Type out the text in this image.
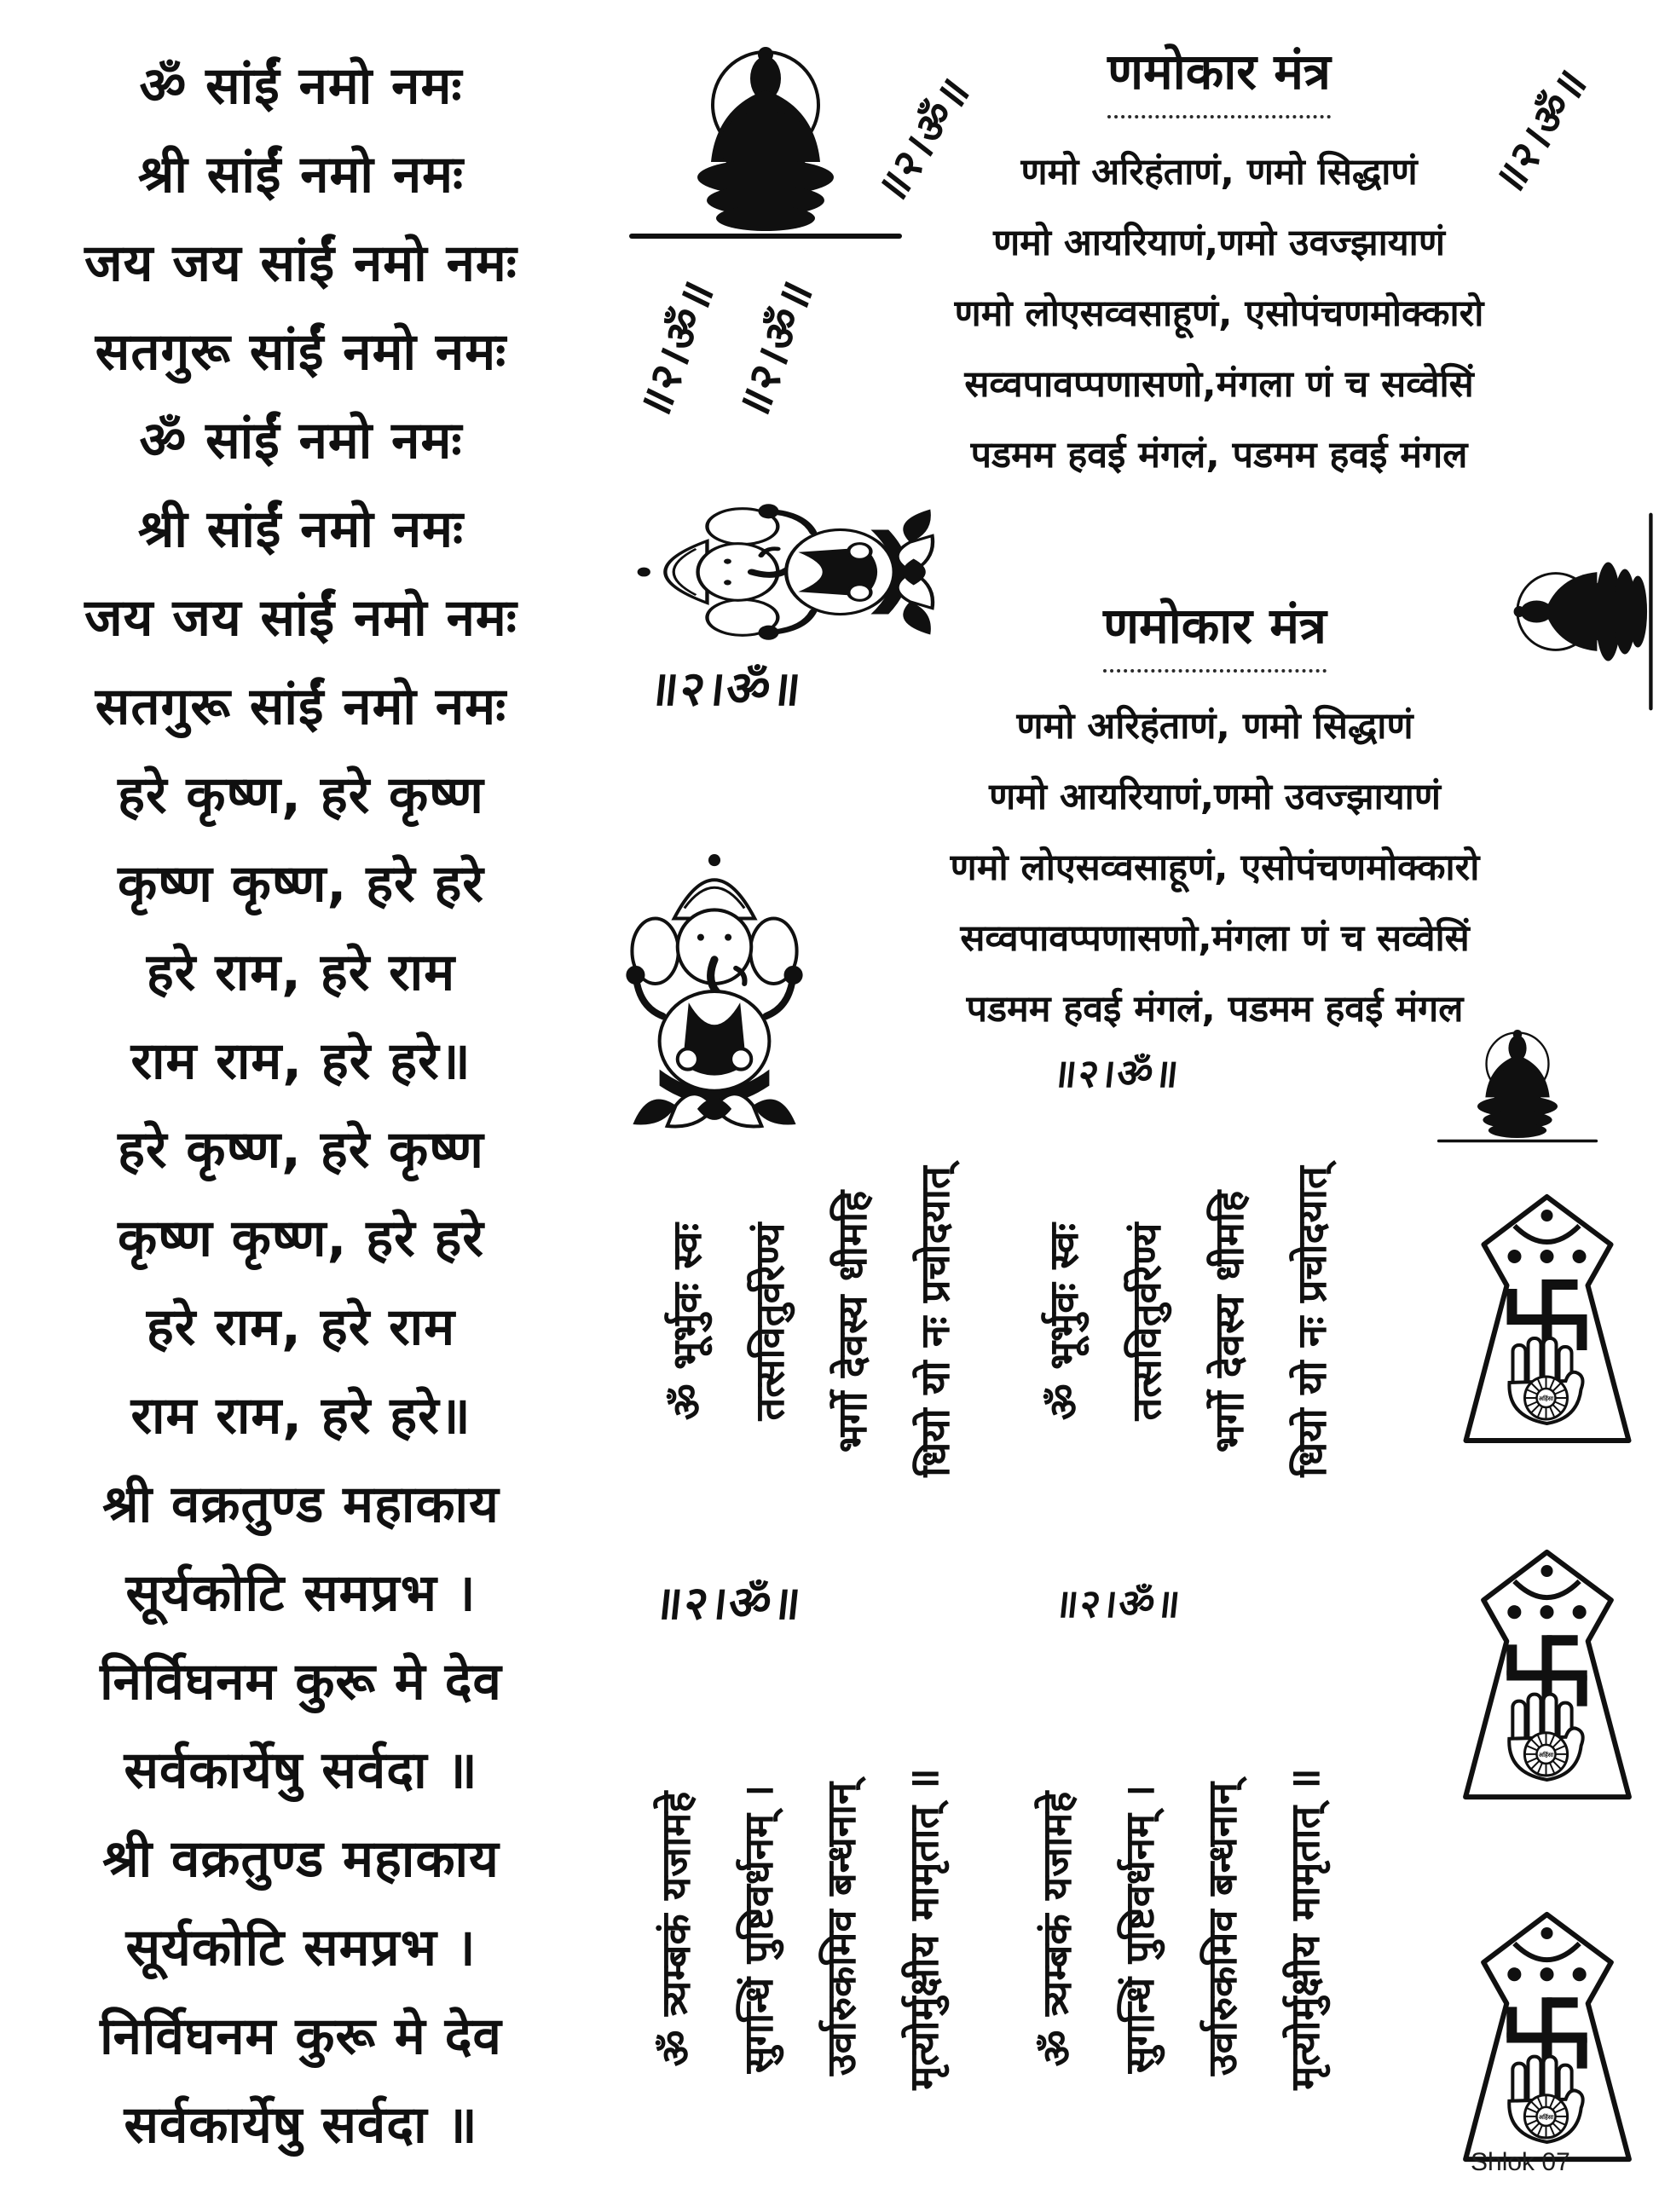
ॐ सांईं नमो नमः
श्री सांईं नमो नमः
जय जय सांईं नमो नमः
सतगुरू सांईं नमो नमः
ॐ सांईं नमो नमः
श्री सांईं नमो नमः
जय जय सांईं नमो नमः
सतगुरू सांईं नमो नमः
हरे कृष्ण, हरे कृष्ण
कृष्ण कृष्ण, हरे हरे
हरे राम, हरे राम
राम राम, हरे हरे॥
हरे कृष्ण, हरे कृष्ण
कृष्ण कृष्ण, हरे हरे
हरे राम, हरे राम
राम राम, हरे हरे॥
श्री वक्रतुण्ड महाकाय
सूर्यकोटि समप्रभ ।
निर्विघनम कुरू मे देव
सर्वकार्येषु सर्वदा ॥
श्री वक्रतुण्ड महाकाय
सूर्यकोटि समप्रभ ।
निर्विघनम कुरू मे देव
सर्वकार्येषु सर्वदा ॥
॥२।ॐ॥	॥२।ॐ॥
णमोकार मंत्र
णमो अरिहंताणं, णमो सिद्धाणं
णमो आयरियाणं,णमो उवज्झायाणं
णमो लोएसव्वसाहूणं, एसोपंचणमोक्कारो
सव्वपावप्पणासणो,मंगला णं च सव्वेसिं
पडमम हवई मंगलं, पडमम हवई मंगल
॥२।ॐ॥ ॥२।ॐ॥
॥२।ॐ॥
णमोकार मंत्र
णमो अरिहंताणं, णमो सिद्धाणं
णमो आयरियाणं,णमो उवज्झायाणं
णमो लोएसव्वसाहूणं, एसोपंचणमोक्कारो
सव्वपावप्पणासणो,मंगला णं च सव्वेसिं
पडमम हवई मंगलं, पडमम हवई मंगल
॥२।ॐ॥
ॐ भूर्भुवः स्वः तत्सवितुर्वरेण्यं भर्गो देवस्य धीमहि धियो यो नः प्रचोदयात्	ॐ भूर्भुवः स्वः तत्सवितुर्वरेण्यं भर्गो देवस्य धीमहि धियो यो नः प्रचोदयात्
॥२।ॐ॥	॥२।ॐ॥
ॐ त्र्यम्बकं यजामहे सुगन्धिं पुष्टिवर्धनम् । उर्वारुकमिव बन्धनान् मृत्योर्मुक्षीय मामृतात् ॥	ॐ त्र्यम्बकं यजामहे सुगन्धिं पुष्टिवर्धनम् । उर्वारुकमिव बन्धनान् मृत्योर्मुक्षीय मामृतात् ॥
Shlok 07
